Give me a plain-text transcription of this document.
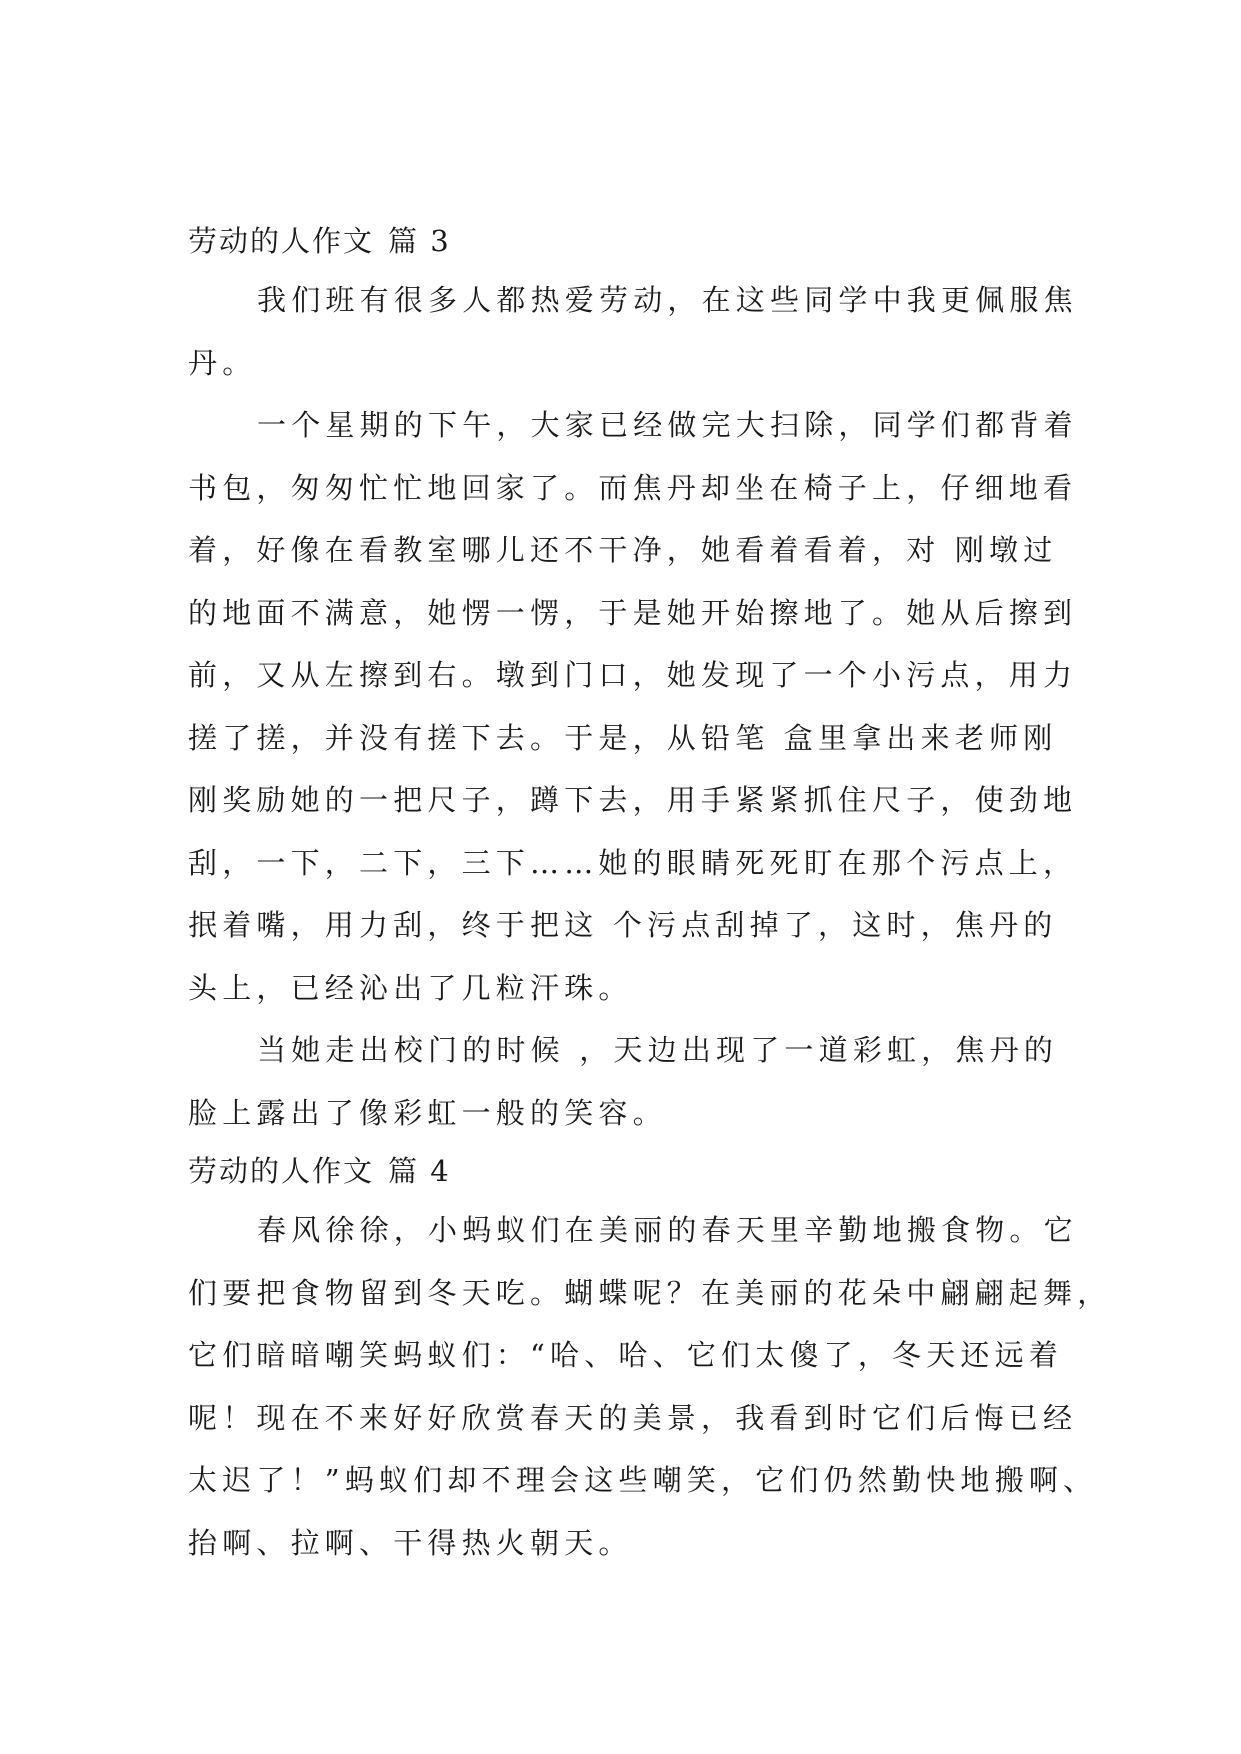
劳动的人作文 篇 3
我们班有很多人都热爱劳动，在这些同学中我更佩服焦
丹。
一个星期的下午，大家已经做完大扫除，同学们都背着
书包，匆匆忙忙地回家了。而焦丹却坐在椅子上，仔细地看
着，好像在看教室哪儿还不干净，她看着看着，对 刚墩过
的地面不满意，她愣一愣，于是她开始擦地了。她从后擦到
前，又从左擦到右。墩到门口，她发现了一个小污点，用力
搓了搓，并没有搓下去。于是，从铅笔 盒里拿出来老师刚
刚奖励她的一把尺子，蹲下去，用手紧紧抓住尺子，使劲地
刮，一下，二下，三下……她的眼睛死死盯在那个污点上，
抿着嘴，用力刮，终于把这 个污点刮掉了，这时，焦丹的
头上，已经沁出了几粒汗珠。
当她走出校门的时候 ，天边出现了一道彩虹，焦丹的
脸上露出了像彩虹一般的笑容。
劳动的人作文 篇 4
春风徐徐，小蚂蚁们在美丽的春天里辛勤地搬食物。它
们要把食物留到冬天吃。蝴蝶呢？在美丽的花朵中翩翩起舞，
它们暗暗嘲笑蚂蚁们：“哈、哈、它们太傻了，冬天还远着
呢！现在不来好好欣赏春天的美景，我看到时它们后悔已经
太迟了！”蚂蚁们却不理会这些嘲笑，它们仍然勤快地搬啊、
抬啊、拉啊、干得热火朝天。
